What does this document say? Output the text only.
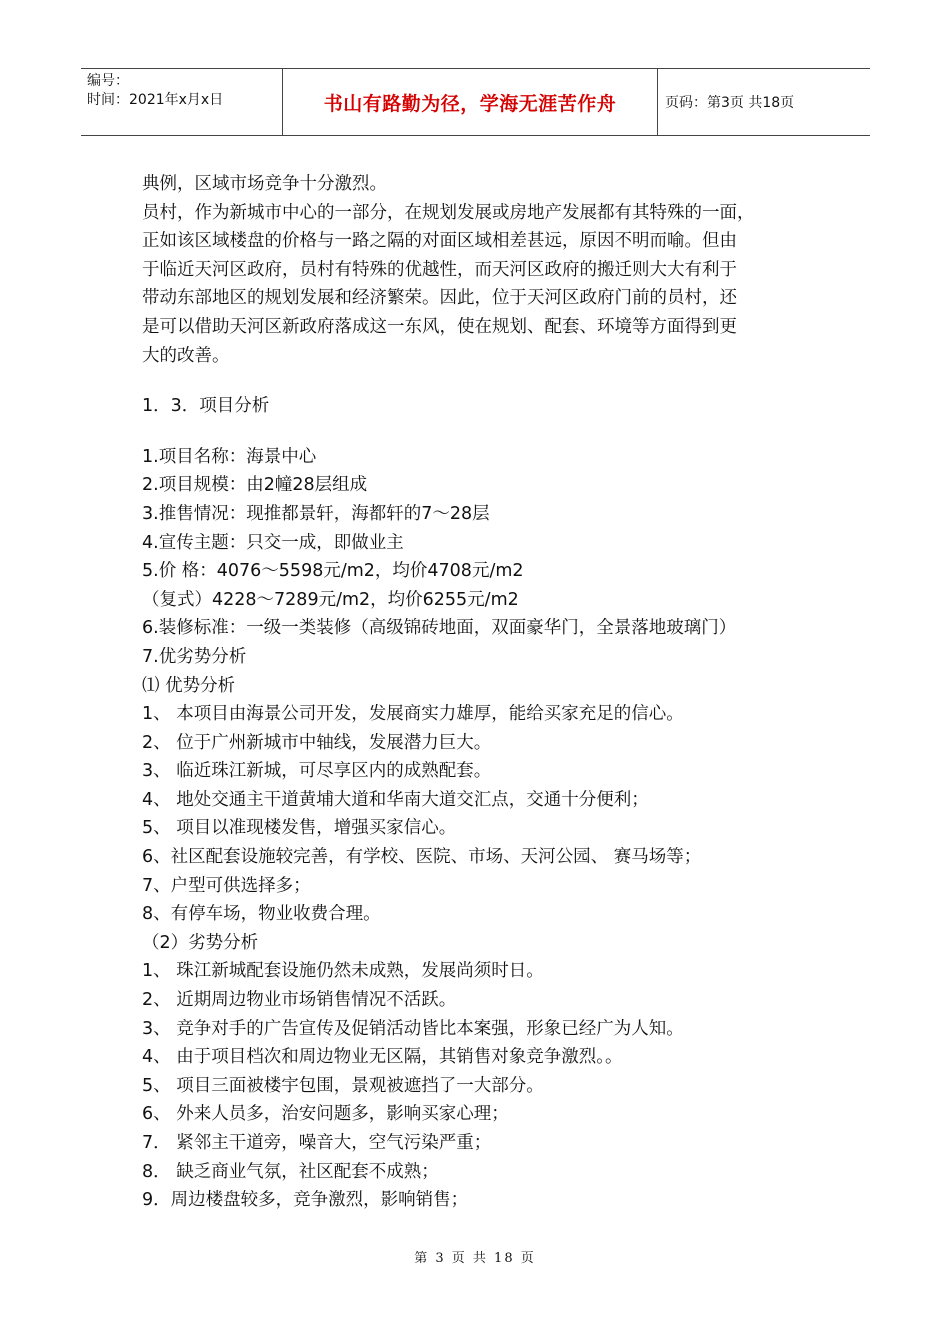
编号：
时间：2021年x月x日	书山有路勤为径，学海无涯苦作舟	页码：第3页 共18页
典例，区域市场竞争十分激烈。
员村，作为新城市中心的一部分，在规划发展或房地产发展都有其特殊的一面，
正如该区域楼盘的价格与一路之隔的对面区域相差甚远，原因不明而喻。但由
于临近天河区政府，员村有特殊的优越性，而天河区政府的搬迁则大大有利于
带动东部地区的规划发展和经济繁荣。因此，位于天河区政府门前的员村，还
是可以借助天河区新政府落成这一东风，使在规划、配套、环境等方面得到更
大的改善。
1．3．项目分析
1.项目名称：海景中心
2.项目规模：由2幢28层组成
3.推售情况：现推都景轩，海都轩的7～28层
4.宣传主题：只交一成，即做业主
5.价 格：4076～5598元/m2，均价4708元/m2
（复式）4228～7289元/m2，均价6255元/m2
6.装修标准：一级一类装修（高级锦砖地面，双面豪华门，全景落地玻璃门）
7.优劣势分析
⑴ 优势分析
1、 本项目由海景公司开发，发展商实力雄厚，能给买家充足的信心。
2、 位于广州新城市中轴线，发展潜力巨大。
3、 临近珠江新城，可尽享区内的成熟配套。
4、 地处交通主干道黄埔大道和华南大道交汇点，交通十分便利；
5、 项目以准现楼发售，增强买家信心。
6、社区配套设施较完善，有学校、医院、市场、天河公园、 赛马场等；
7、户型可供选择多；
8、有停车场，物业收费合理。
（2）劣势分析
1、 珠江新城配套设施仍然未成熟，发展尚须时日。
2、 近期周边物业市场销售情况不活跃。
3、 竞争对手的广告宣传及促销活动皆比本案强，形象已经广为人知。
4、 由于项目档次和周边物业无区隔，其销售对象竞争激烈。。
5、 项目三面被楼宇包围，景观被遮挡了一大部分。
6、 外来人员多，治安问题多，影响买家心理；
7． 紧邻主干道旁，噪音大，空气污染严重；
8． 缺乏商业气氛，社区配套不成熟；
9．周边楼盘较多，竞争激烈，影响销售；
第 3 页 共 18 页
